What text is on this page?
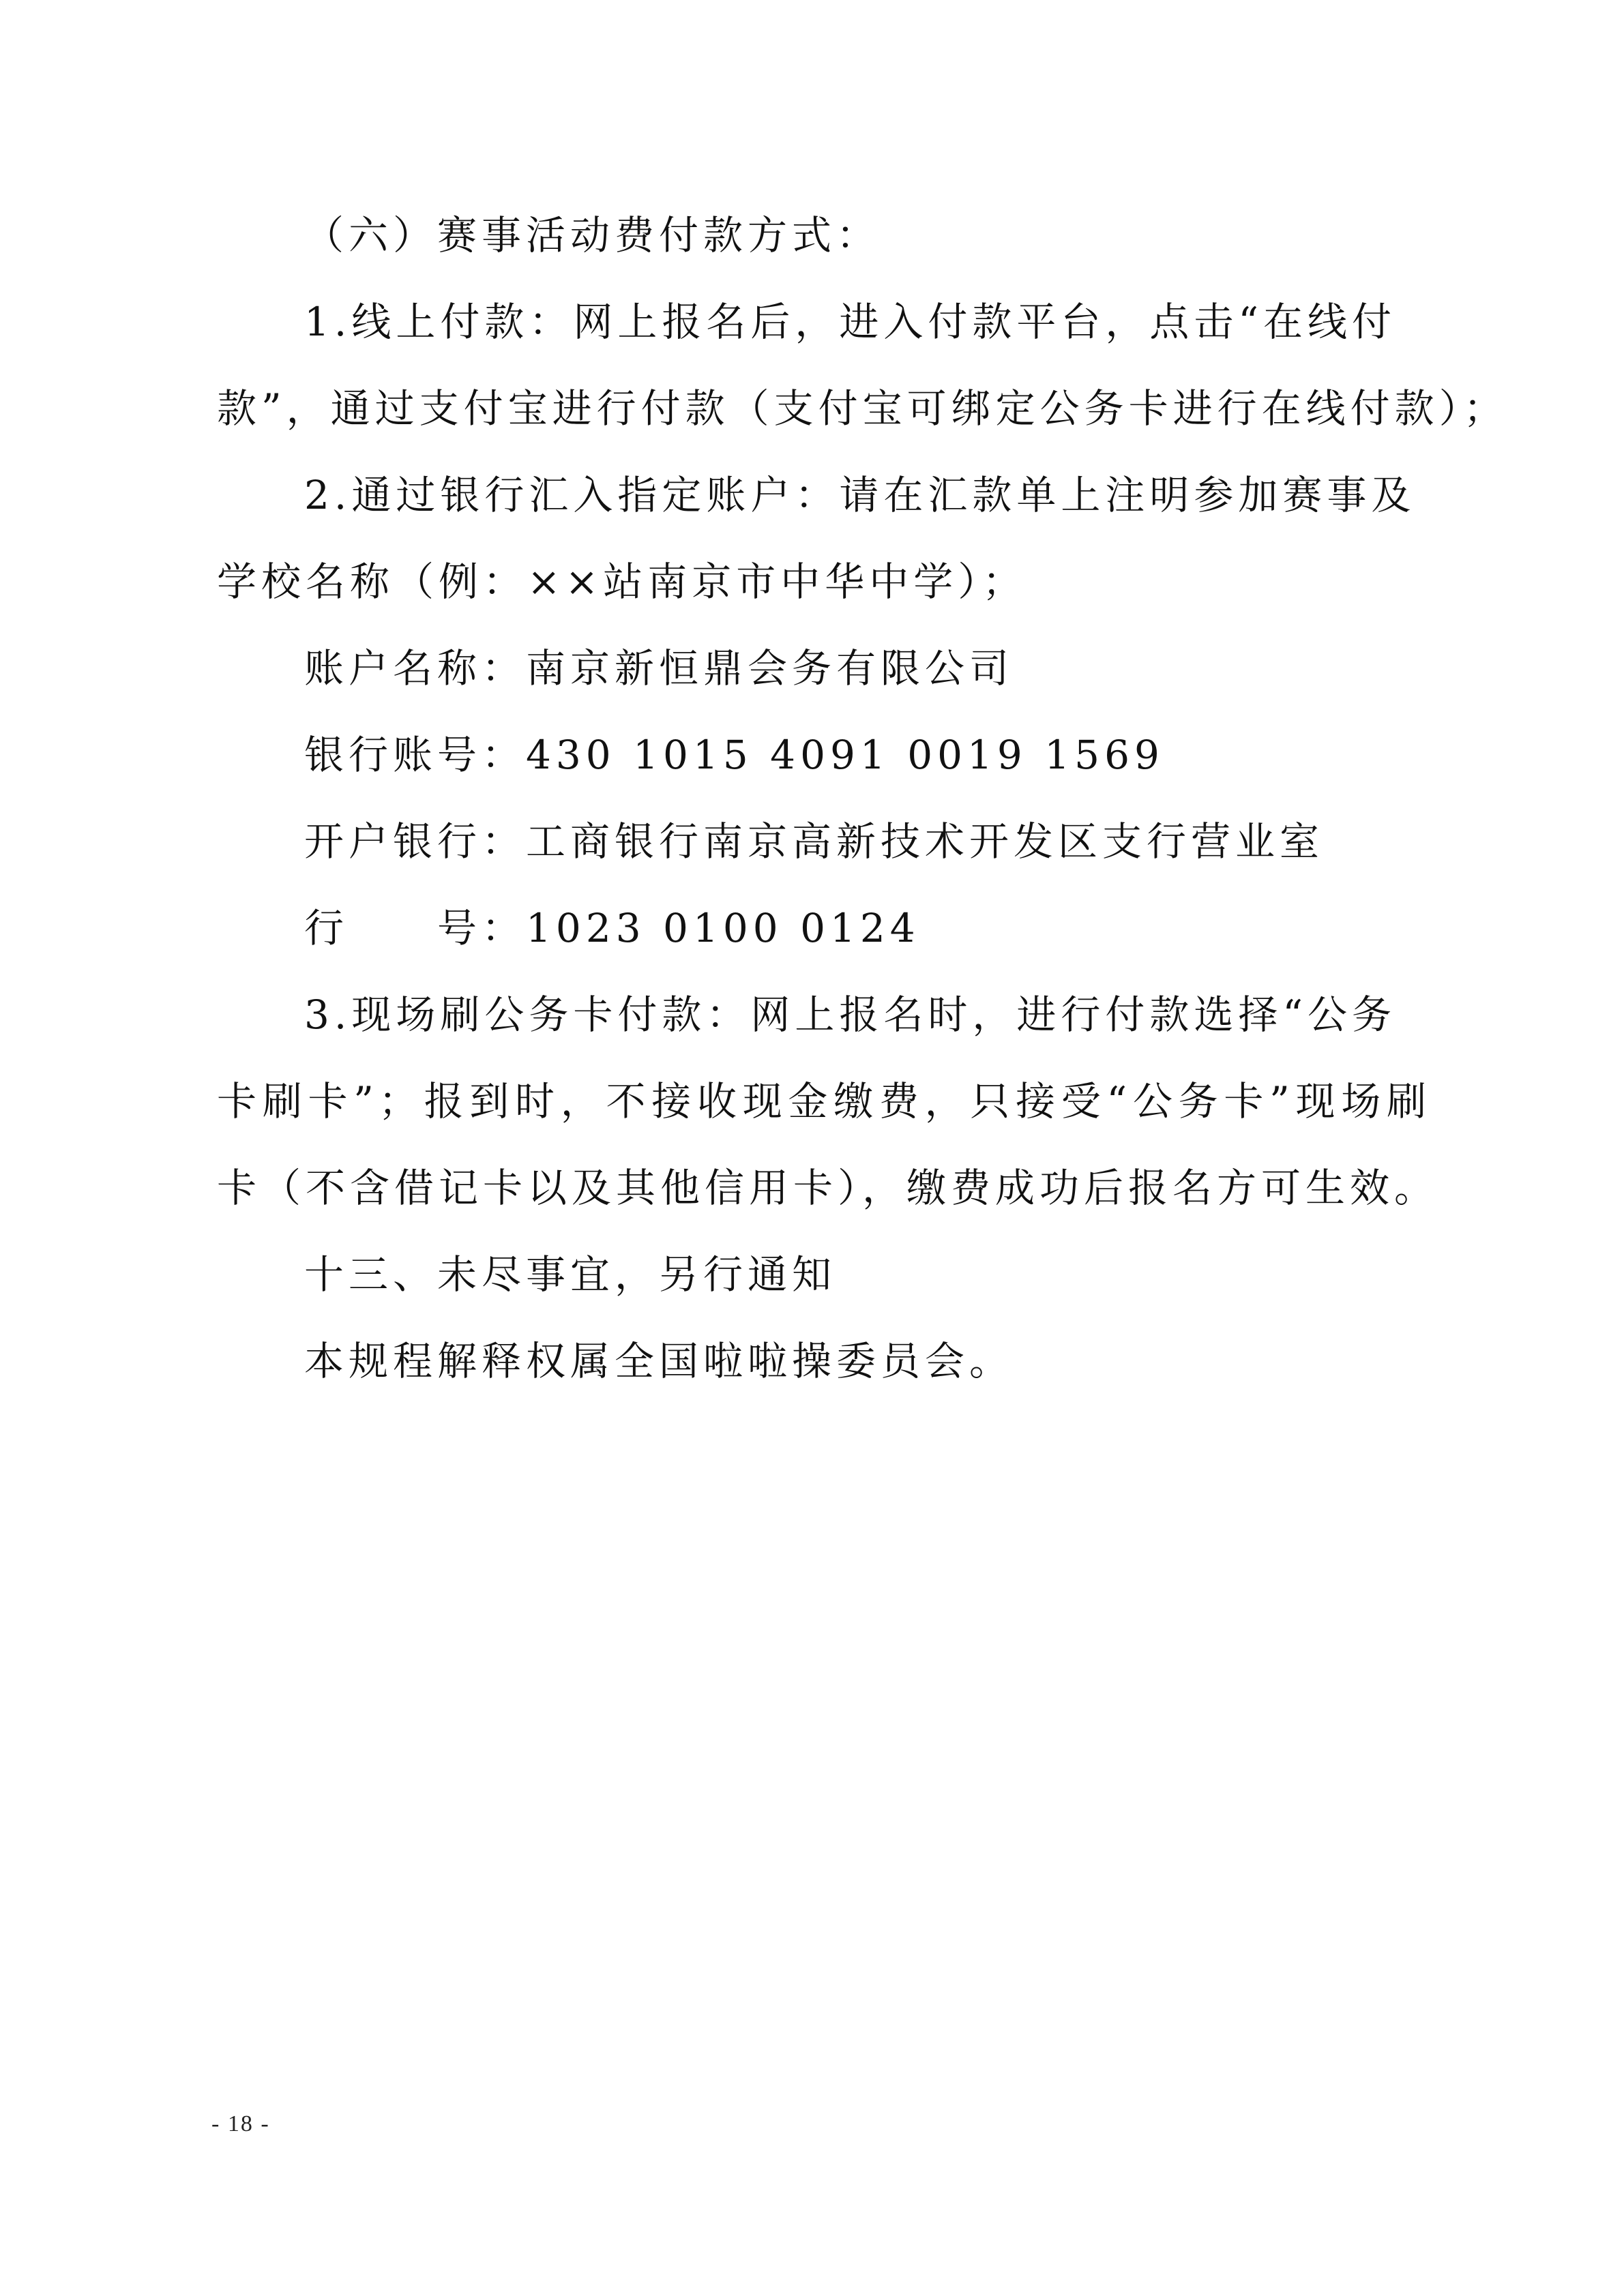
（六）赛事活动费付款方式：
1.线上付款：网上报名后，进入付款平台，点击“在线付
款”，通过支付宝进行付款（支付宝可绑定公务卡进行在线付款）；
2.通过银行汇入指定账户：请在汇款单上注明参加赛事及
学校名称（例：××站南京市中华中学）；
账户名称：南京新恒鼎会务有限公司
银行账号：430 1015 4091 0019 1569
开户银行：工商银行南京高新技术开发区支行营业室
行　　号：1023 0100 0124
3.现场刷公务卡付款：网上报名时，进行付款选择“公务
卡刷卡”；报到时，不接收现金缴费，只接受“公务卡”现场刷
卡（不含借记卡以及其他信用卡），缴费成功后报名方可生效。
十三、未尽事宜，另行通知
本规程解释权属全国啦啦操委员会。
- 18 -
